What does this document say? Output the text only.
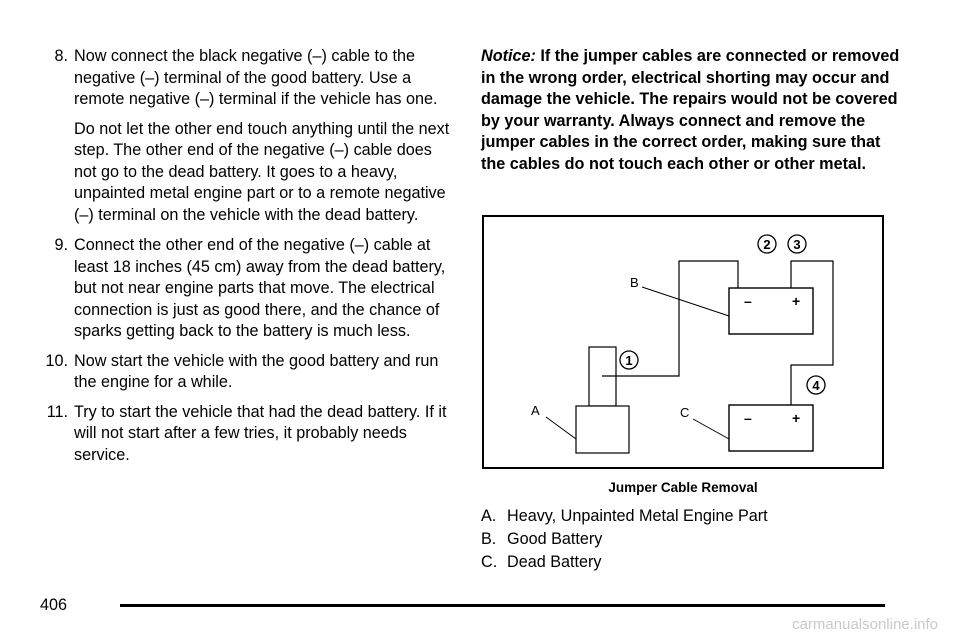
8. Now connect the black negative (–) cable to the negative (–) terminal of the good battery. Use a remote negative (–) terminal if the vehicle has one.

Do not let the other end touch anything until the next step. The other end of the negative (–) cable does not go to the dead battery. It goes to a heavy, unpainted metal engine part or to a remote negative (–) terminal on the vehicle with the dead battery.

9. Connect the other end of the negative (–) cable at least 18 inches (45 cm) away from the dead battery, but not near engine parts that move. The electrical connection is just as good there, and the chance of sparks getting back to the battery is much less.
10. Now start the vehicle with the good battery and run the engine for a while.
11. Try to start the vehicle that had the dead battery. If it will not start after a few tries, it probably needs service.
Notice: If the jumper cables are connected or removed in the wrong order, electrical shorting may occur and damage the vehicle. The repairs would not be covered by your warranty. Always connect and remove the jumper cables in the correct order, making sure that the cables do not touch each other or other metal.
–	+
–	+
A
B
C
1
2 3
4
Jumper Cable Removal
A. Heavy, Unpainted Metal Engine Part
B. Good Battery
C. Dead Battery
406
carmanualsonline.info
